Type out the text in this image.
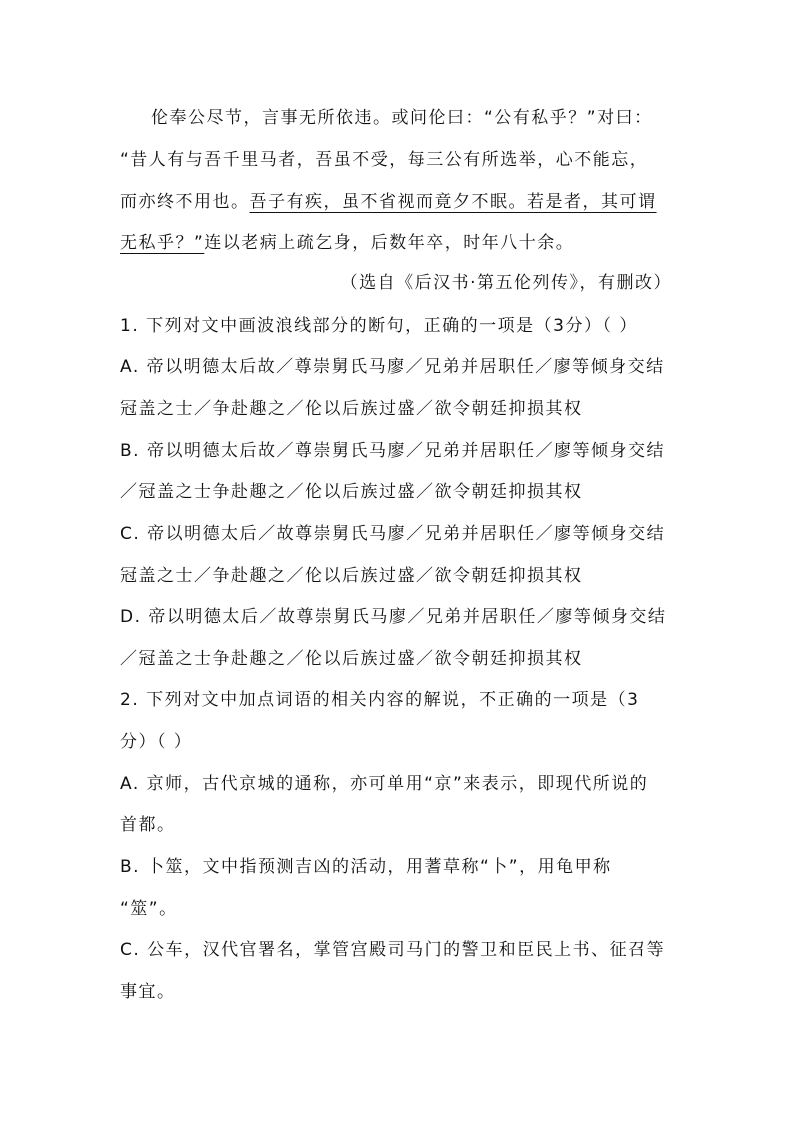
伦奉公尽节，言事无所依违。或问伦曰：“公有私乎？”对曰：
“昔人有与吾千里马者，吾虽不受，每三公有所选举，心不能忘，
而亦终不用也。吾子有疾，虽不省视而竟夕不眠。若是者，其可谓
无私乎？”连以老病上疏乞身，后数年卒，时年八十余。
（选自《后汉书·第五伦列传》，有删改）
1. 下列对文中画波浪线部分的断句，正确的一项是（3分）（ ）
A. 帝以明德太后故／尊崇舅氏马廖／兄弟并居职任／廖等倾身交结
冠盖之士／争赴趣之／伦以后族过盛／欲令朝廷抑损其权
B. 帝以明德太后故／尊崇舅氏马廖／兄弟并居职任／廖等倾身交结
／冠盖之士争赴趣之／伦以后族过盛／欲令朝廷抑损其权
C. 帝以明德太后／故尊崇舅氏马廖／兄弟并居职任／廖等倾身交结
冠盖之士／争赴趣之／伦以后族过盛／欲令朝廷抑损其权
D. 帝以明德太后／故尊崇舅氏马廖／兄弟并居职任／廖等倾身交结
／冠盖之士争赴趣之／伦以后族过盛／欲令朝廷抑损其权
2. 下列对文中加点词语的相关内容的解说，不正确的一项是（3
分）（ ）
A. 京师，古代京城的通称，亦可单用“京”来表示，即现代所说的
首都。
B. 卜筮，文中指预测吉凶的活动，用蓍草称“卜”，用龟甲称
“筮”。
C. 公车，汉代官署名，掌管宫殿司马门的警卫和臣民上书、征召等
事宜。
